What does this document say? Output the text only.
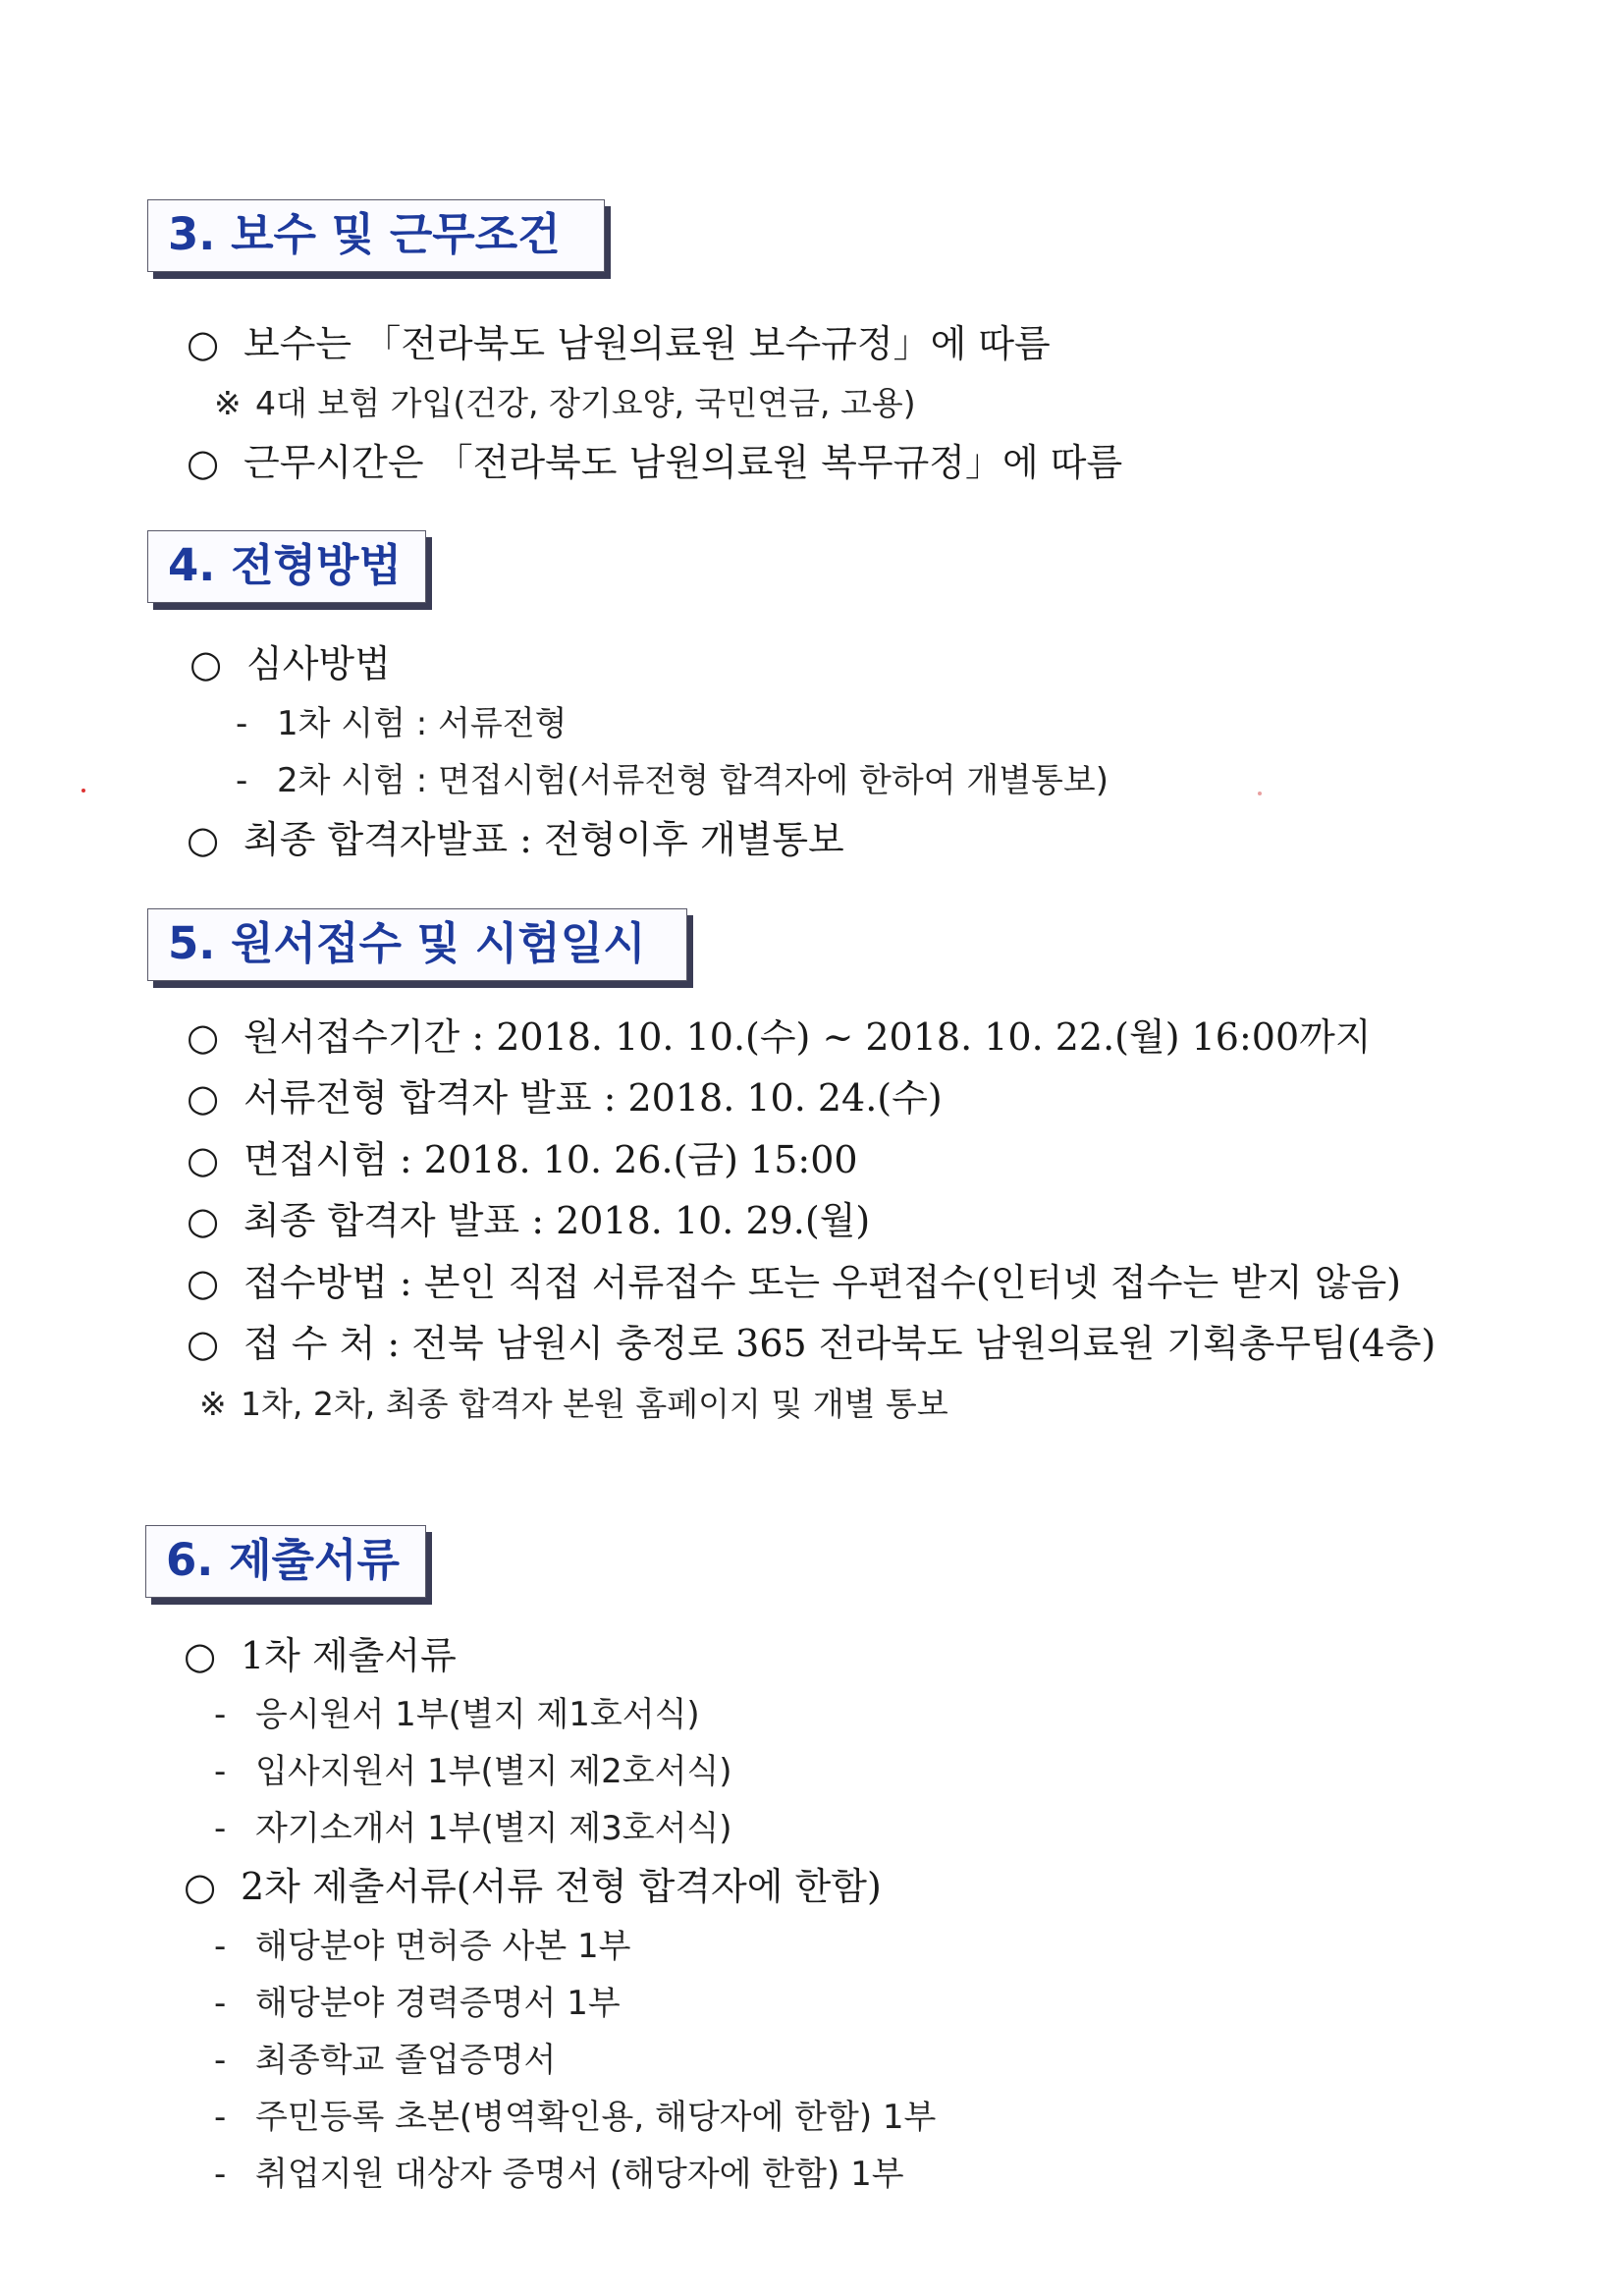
3. 보수 및 근무조건
○ 보수는 「전라북도 남원의료원 보수규정」에 따름
※ 4대 보험 가입(건강, 장기요양, 국민연금, 고용)
○ 근무시간은 「전라북도 남원의료원 복무규정」에 따름
4. 전형방법
○ 심사방법
- 1차 시험 : 서류전형
- 2차 시험 : 면접시험(서류전형 합격자에 한하여 개별통보)
○ 최종 합격자발표 : 전형이후 개별통보
5. 원서접수 및 시험일시
○ 원서접수기간 : 2018. 10. 10.(수) ~ 2018. 10. 22.(월) 16:00까지
○ 서류전형 합격자 발표 : 2018. 10. 24.(수)
○ 면접시험 : 2018. 10. 26.(금) 15:00
○ 최종 합격자 발표 : 2018. 10. 29.(월)
○ 접수방법 : 본인 직접 서류접수 또는 우편접수(인터넷 접수는 받지 않음)
○ 접 수 처 : 전북 남원시 충정로 365 전라북도 남원의료원 기획총무팀(4층)
※ 1차, 2차, 최종 합격자 본원 홈페이지 및 개별 통보
6. 제출서류
○ 1차 제출서류
- 응시원서 1부(별지 제1호서식)
- 입사지원서 1부(별지 제2호서식)
- 자기소개서 1부(별지 제3호서식)
○ 2차 제출서류(서류 전형 합격자에 한함)
- 해당분야 면허증 사본 1부
- 해당분야 경력증명서 1부
- 최종학교 졸업증명서
- 주민등록 초본(병역확인용, 해당자에 한함) 1부
- 취업지원 대상자 증명서 (해당자에 한함) 1부
